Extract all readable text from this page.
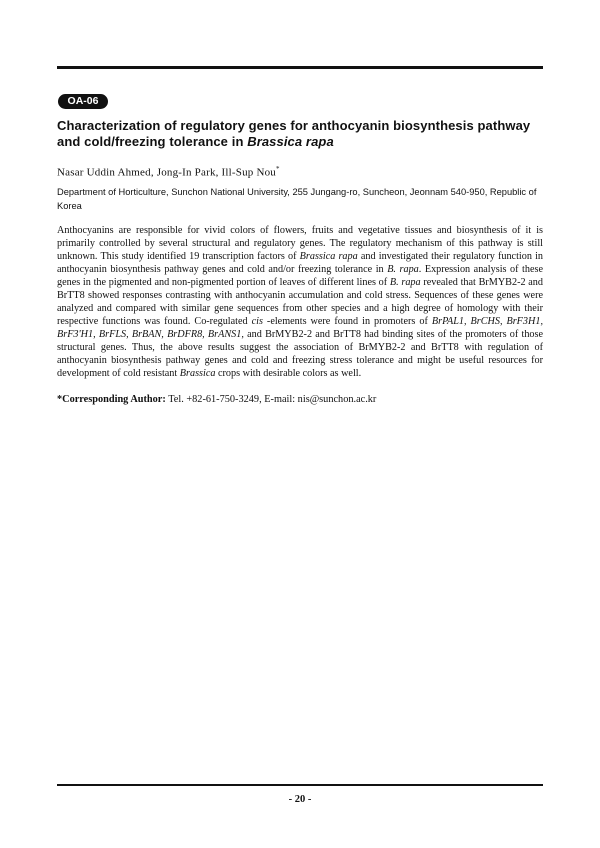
OA-06
Characterization of regulatory genes for anthocyanin biosynthesis pathway and cold/freezing tolerance in Brassica rapa
Nasar Uddin Ahmed, Jong-In Park, Ill-Sup Nou*
Department of Horticulture, Sunchon National University, 255 Jungang-ro, Suncheon, Jeonnam 540-950, Republic of Korea
Anthocyanins are responsible for vivid colors of flowers, fruits and vegetative tissues and biosynthesis of it is primarily controlled by several structural and regulatory genes. The regulatory mechanism of this pathway is still unknown. This study identified 19 transcription factors of Brassica rapa and investigated their regulatory function in anthocyanin biosynthesis pathway genes and cold and/or freezing tolerance in B. rapa. Expression analysis of these genes in the pigmented and non-pigmented portion of leaves of different lines of B. rapa revealed that BrMYB2-2 and BrTT8 showed responses contrasting with anthocyanin accumulation and cold stress. Sequences of these genes were analyzed and compared with similar gene sequences from other species and a high degree of homology with their respective functions was found. Co-regulated cis -elements were found in promoters of BrPAL1, BrCHS, BrF3H1, BrF3'H1, BrFLS, BrBAN, BrDFR8, BrANS1, and BrMYB2-2 and BrTT8 had binding sites of the promoters of those structural genes. Thus, the above results suggest the association of BrMYB2-2 and BrTT8 with regulation of anthocyanin biosynthesis pathway genes and cold and freezing stress tolerance and might be useful resources for development of cold resistant Brassica crops with desirable colors as well.
*Corresponding Author: Tel. +82-61-750-3249, E-mail: nis@sunchon.ac.kr
- 20 -
